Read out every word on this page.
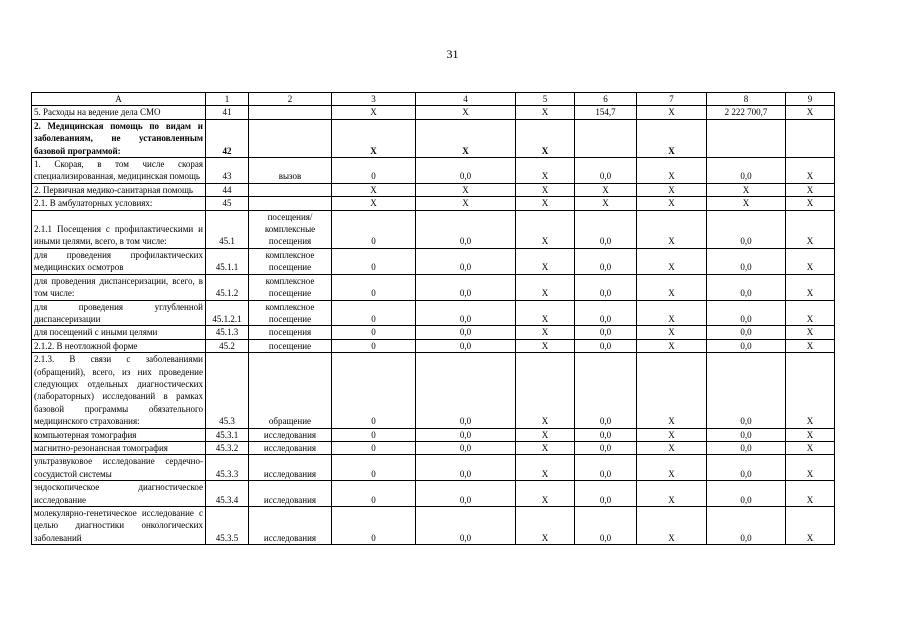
31
А	1	2	3	4	5	6	7	8	9
5. Расходы на ведение дела СМО	41		X	X	X	154,7	X	2 222 700,7	X
2. Медицинская помощь по видам и заболеваниям, не установленным базовой программой:	42		X	X	X		X		
1. Скорая, в том числе скорая специализированная, медицинская помощь	43	вызов	0	0,0	X	0,0	X	0,0	X
2. Первичная медико-санитарная помощь	44		X	X	X	X	X	X	X
2.1. В амбулаторных условиях:	45		X	X	X	X	X	X	X
2.1.1 Посещения с профилактическими и иными целями, всего, в том числе:	45.1	посещения/ комплексные посещения	0	0,0	X	0,0	X	0,0	X
для проведения профилактических медицинских осмотров	45.1.1	комплексное посещение	0	0,0	X	0,0	X	0,0	X
для проведения диспансеризации, всего, в том числе:	45.1.2	комплексное посещение	0	0,0	X	0,0	X	0,0	X
для проведения углубленной диспансеризации	45.1.2.1	комплексное посещение	0	0,0	X	0,0	X	0,0	X
для посещений с иными целями	45.1.3	посещения	0	0,0	X	0,0	X	0,0	X
2.1.2. В неотложной форме	45.2	посещение	0	0,0	X	0,0	X	0,0	X
2.1.3. В связи с заболеваниями (обращений), всего, из них проведение следующих отдельных диагностических (лабораторных) исследований в рамках базовой программы обязательного медицинского страхования:	45.3	обращение	0	0,0	X	0,0	X	0,0	X
компьютерная томография	45.3.1	исследования	0	0,0	X	0,0	X	0,0	X
магнитно-резонансная томография	45.3.2	исследования	0	0,0	X	0,0	X	0,0	X
ультразвуковое исследование сердечно-сосудистой системы	45.3.3	исследования	0	0,0	X	0,0	X	0,0	X
эндоскопическое диагностическое исследование	45.3.4	исследования	0	0,0	X	0,0	X	0,0	X
молекулярно-генетическое исследование с целью диагностики онкологических заболеваний	45.3.5	исследования	0	0,0	X	0,0	X	0,0	X
